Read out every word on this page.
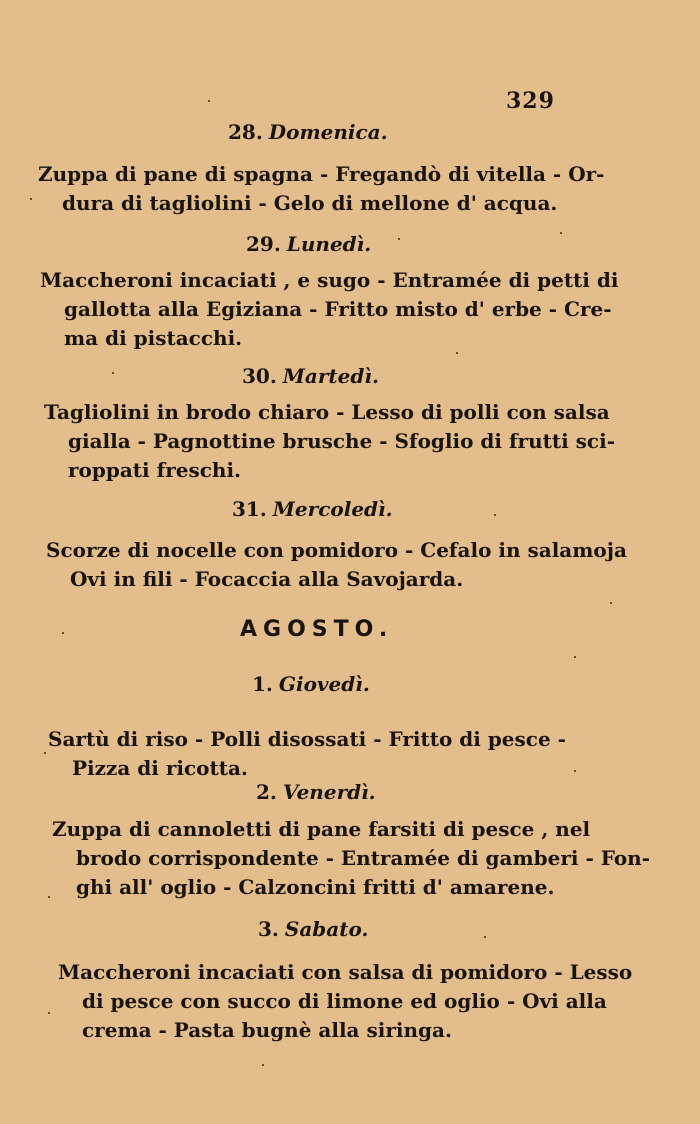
329
28. Domenica.
Zuppa di pane di spagna - Fregandò di vitella - Or-
dura di tagliolini - Gelo di mellone d' acqua.
29. Lunedì.
Maccheroni incaciati , e sugo - Entramée di petti di
gallotta alla Egiziana - Fritto misto d' erbe - Cre-
ma di pistacchi.
30. Martedì.
Tagliolini in brodo chiaro - Lesso di polli con salsa
gialla - Pagnottine brusche - Sfoglio di frutti sci-
roppati freschi.
31. Mercoledì.
Scorze di nocelle con pomidoro - Cefalo in salamoja
Ovi in fili - Focaccia alla Savojarda.
AGOSTO.
1. Giovedì.
Sartù di riso - Polli disossati - Fritto di pesce -
Pizza di ricotta.
2. Venerdì.
Zuppa di cannoletti di pane farsiti di pesce , nel
brodo corrispondente - Entramée di gamberi - Fon-
ghi all' oglio - Calzoncini fritti d' amarene.
3. Sabato.
Maccheroni incaciati con salsa di pomidoro - Lesso
di pesce con succo di limone ed oglio - Ovi alla
crema - Pasta bugnè alla siringa.
